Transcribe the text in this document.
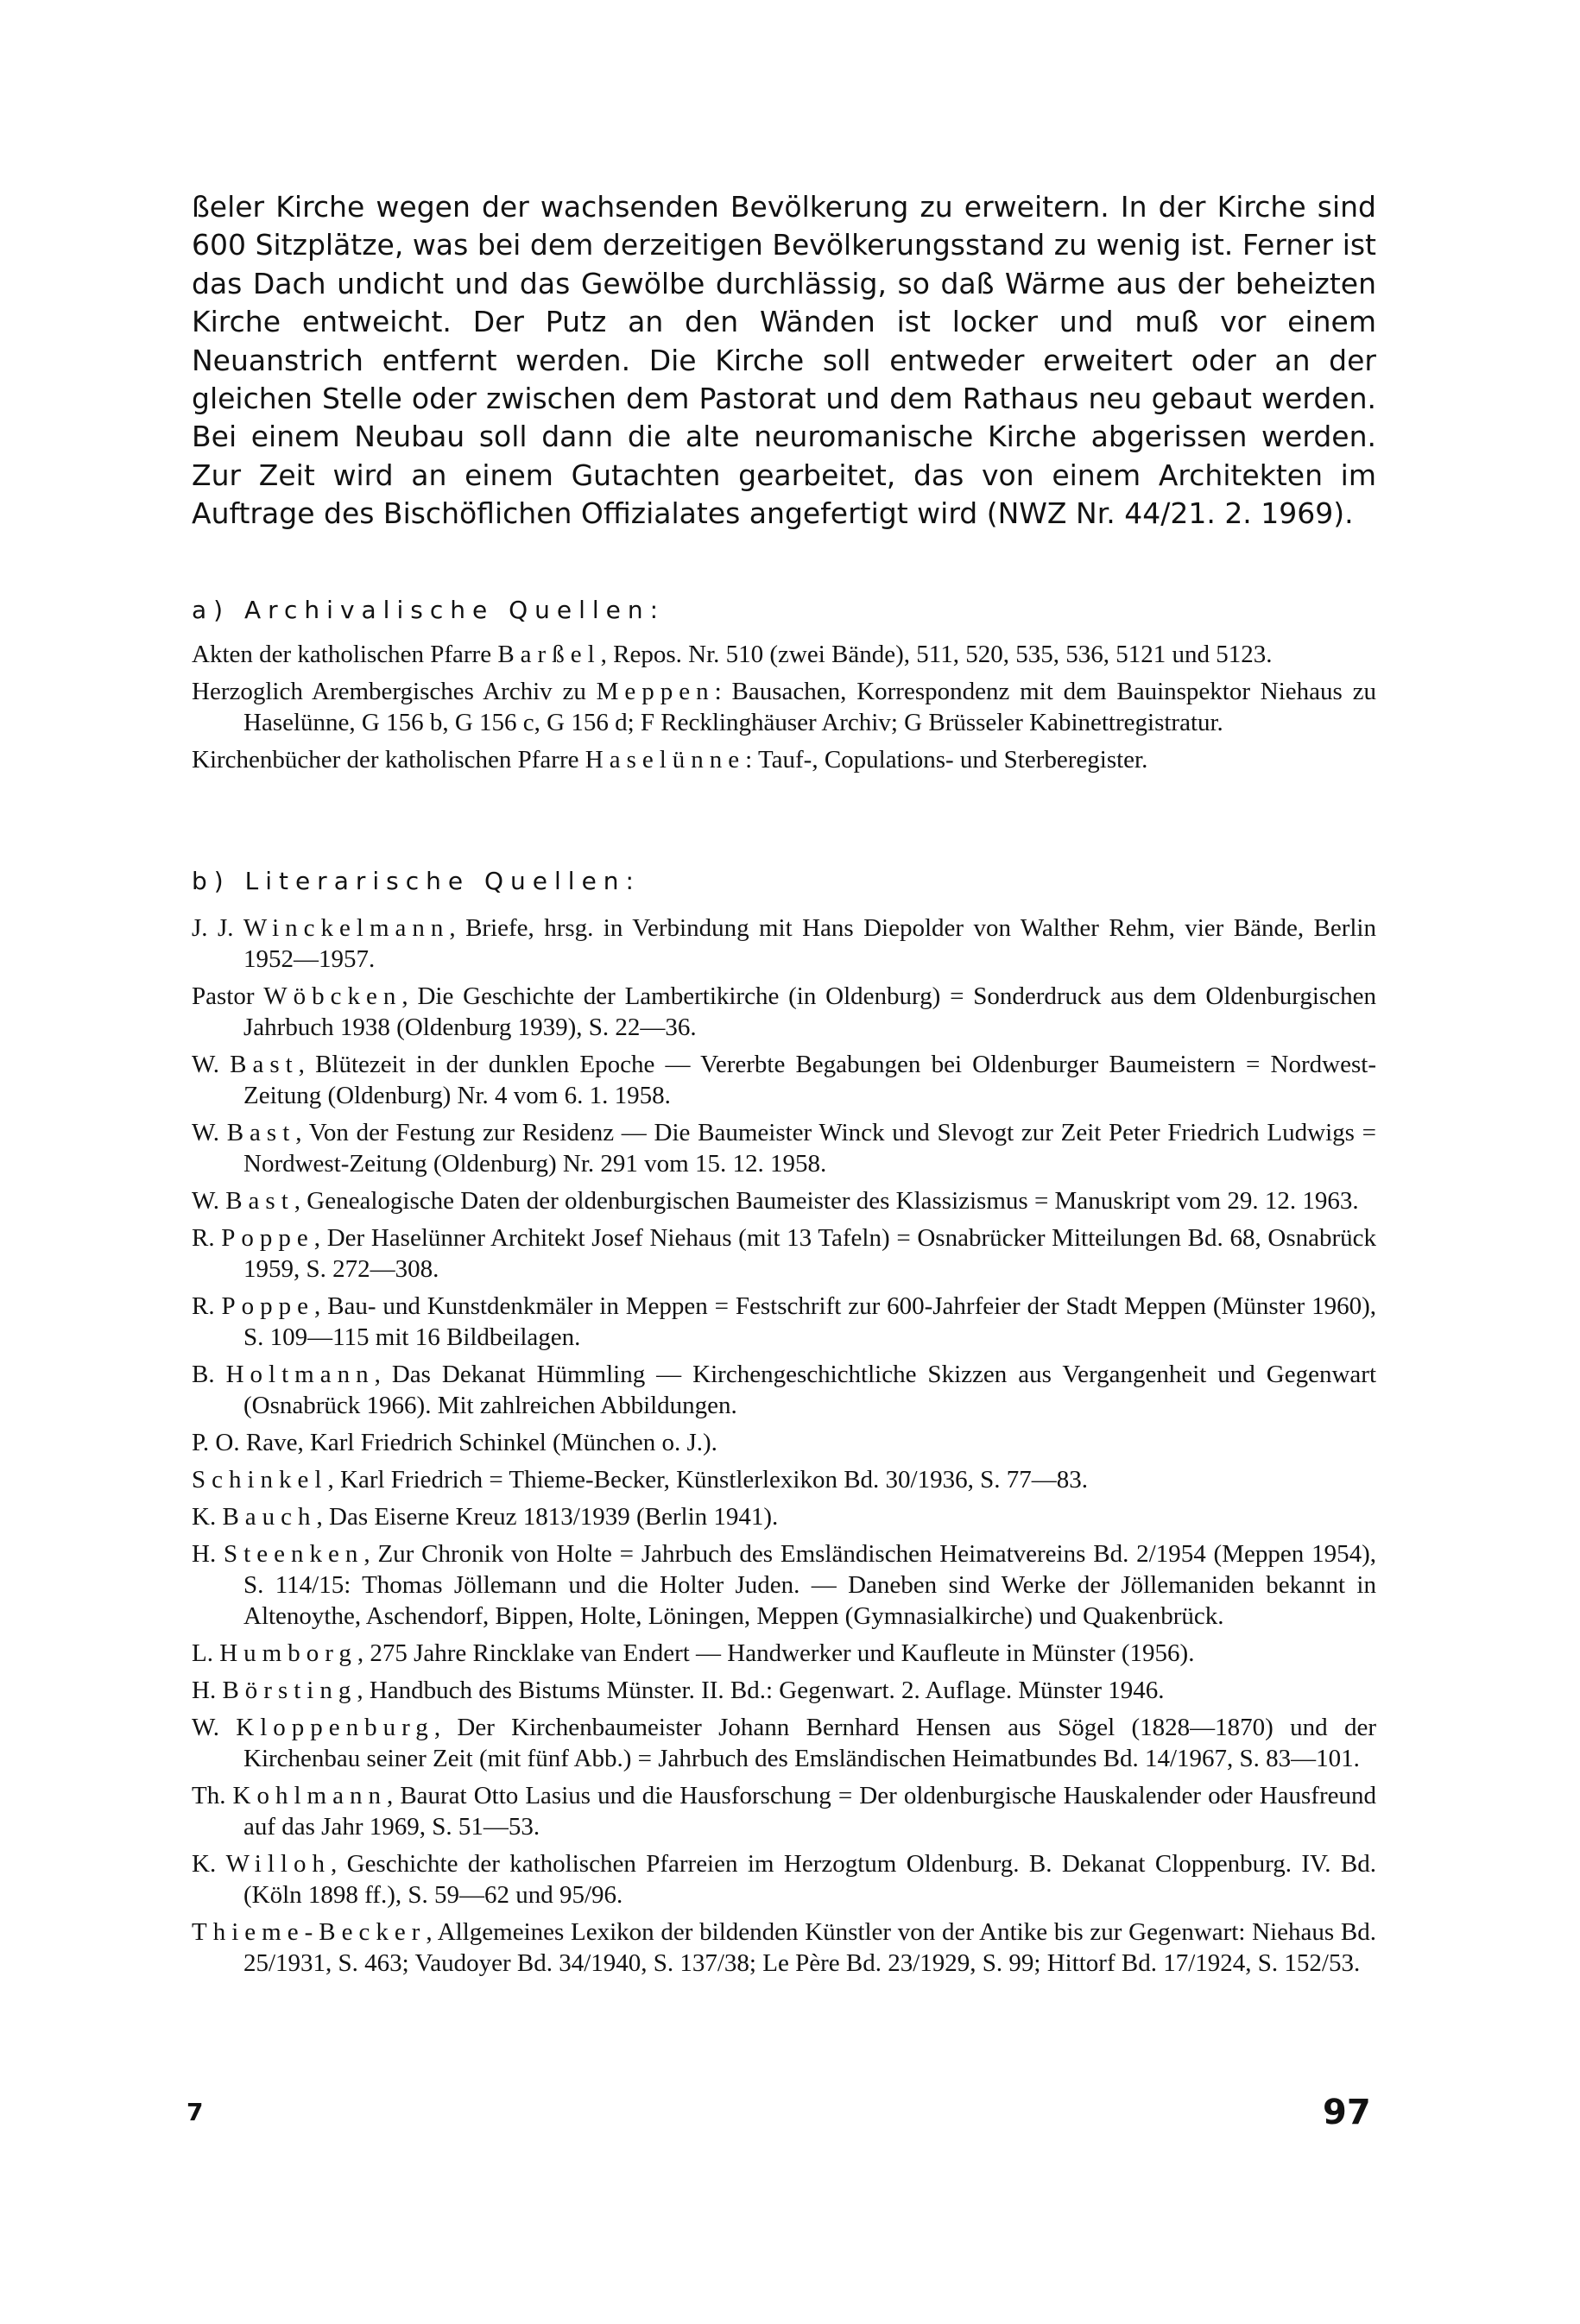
ßeler Kirche wegen der wachsenden Bevölkerung zu erweitern. In der Kirche sind 600 Sitzplätze, was bei dem derzeitigen Bevölkerungsstand zu wenig ist. Ferner ist das Dach undicht und das Gewölbe durchlässig, so daß Wärme aus der beheizten Kirche entweicht. Der Putz an den Wänden ist locker und muß vor einem Neuanstrich entfernt werden. Die Kirche soll entweder erweitert oder an der gleichen Stelle oder zwischen dem Pastorat und dem Rathaus neu gebaut werden. Bei einem Neubau soll dann die alte neuromanische Kirche abgerissen werden. Zur Zeit wird an einem Gutachten gearbeitet, das von einem Architekten im Auftrage des Bischöflichen Offizialates angefertigt wird (NWZ Nr. 44/21. 2. 1969).

a) Archivalische Quellen:

Akten der katholischen Pfarre Barßel, Repos. Nr. 510 (zwei Bände), 511, 520, 535, 536, 5121 und 5123.

Herzoglich Arembergisches Archiv zu Meppen: Bausachen, Korrespondenz mit dem Bauinspektor Niehaus zu Haselünne, G 156 b, G 156 c, G 156 d; F Recklinghäuser Archiv; G Brüsseler Kabinettregistratur.

Kirchenbücher der katholischen Pfarre Haselünne: Tauf-, Copulations- und Sterberegister.

b) Literarische Quellen:

J. J. Winckelmann, Briefe, hrsg. in Verbindung mit Hans Diepolder von Walther Rehm, vier Bände, Berlin 1952—1957.

Pastor Wöbcken, Die Geschichte der Lambertikirche (in Oldenburg) = Sonderdruck aus dem Oldenburgischen Jahrbuch 1938 (Oldenburg 1939), S. 22—36.

W. Bast, Blütezeit in der dunklen Epoche — Vererbte Begabungen bei Oldenburger Baumeistern = Nordwest-Zeitung (Oldenburg) Nr. 4 vom 6. 1. 1958.

W. Bast, Von der Festung zur Residenz — Die Baumeister Winck und Slevogt zur Zeit Peter Friedrich Ludwigs = Nordwest-Zeitung (Oldenburg) Nr. 291 vom 15. 12. 1958.

W. Bast, Genealogische Daten der oldenburgischen Baumeister des Klassizismus = Manuskript vom 29. 12. 1963.

R. Poppe, Der Haselünner Architekt Josef Niehaus (mit 13 Tafeln) = Osnabrücker Mitteilungen Bd. 68, Osnabrück 1959, S. 272—308.

R. Poppe, Bau- und Kunstdenkmäler in Meppen = Festschrift zur 600-Jahrfeier der Stadt Meppen (Münster 1960), S. 109—115 mit 16 Bildbeilagen.

B. Holtmann, Das Dekanat Hümmling — Kirchengeschichtliche Skizzen aus Vergangenheit und Gegenwart (Osnabrück 1966). Mit zahlreichen Abbildungen.

P. O. Rave, Karl Friedrich Schinkel (München o. J.).

Schinkel, Karl Friedrich = Thieme-Becker, Künstlerlexikon Bd. 30/1936, S. 77—83.

K. Bauch, Das Eiserne Kreuz 1813/1939 (Berlin 1941).

H. Steenken, Zur Chronik von Holte = Jahrbuch des Emsländischen Heimatvereins Bd. 2/1954 (Meppen 1954), S. 114/15: Thomas Jöllemann und die Holter Juden. — Daneben sind Werke der Jöllemaniden bekannt in Altenoythe, Aschendorf, Bippen, Holte, Löningen, Meppen (Gymnasialkirche) und Quakenbrück.

L. Humborg, 275 Jahre Rincklake van Endert — Handwerker und Kaufleute in Münster (1956).

H. Börsting, Handbuch des Bistums Münster. II. Bd.: Gegenwart. 2. Auflage. Münster 1946.

W. Kloppenburg, Der Kirchenbaumeister Johann Bernhard Hensen aus Sögel (1828—1870) und der Kirchenbau seiner Zeit (mit fünf Abb.) = Jahrbuch des Emsländischen Heimatbundes Bd. 14/1967, S. 83—101.

Th. Kohlmann, Baurat Otto Lasius und die Hausforschung = Der oldenburgische Hauskalender oder Hausfreund auf das Jahr 1969, S. 51—53.

K. Willoh, Geschichte der katholischen Pfarreien im Herzogtum Oldenburg. B. Dekanat Cloppenburg. IV. Bd. (Köln 1898 ff.), S. 59—62 und 95/96.

Thieme-Becker, Allgemeines Lexikon der bildenden Künstler von der Antike bis zur Gegenwart: Niehaus Bd. 25/1931, S. 463; Vaudoyer Bd. 34/1940, S. 137/38; Le Père Bd. 23/1929, S. 99; Hittorf Bd. 17/1924, S. 152/53.

7	97
